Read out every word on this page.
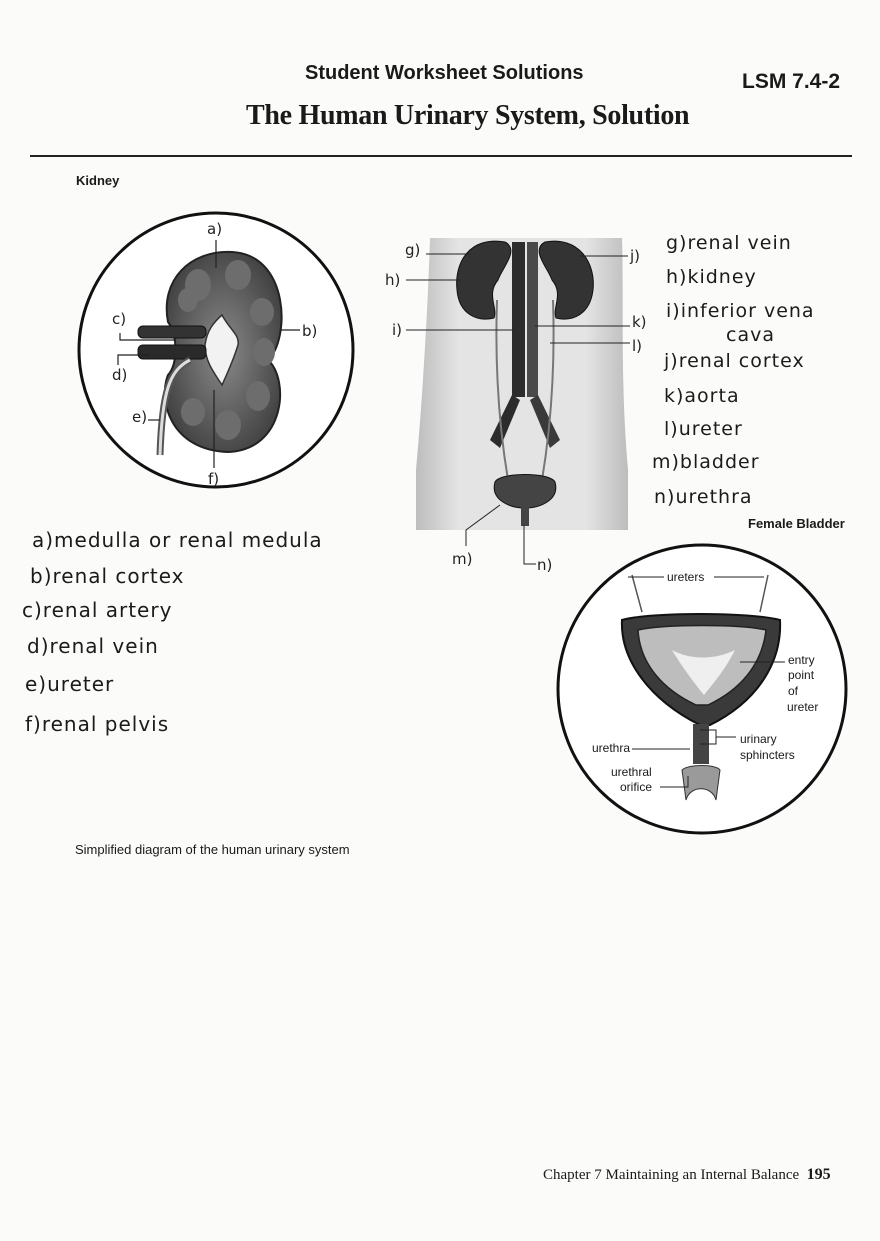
Student Worksheet Solutions	LSM 7.4-2
The Human Urinary System, Solution
Kidney
Female Bladder
a)
b)
c)
d)
e)
f)
a)medulla or renal medula
b)renal cortex
c)renal artery
d)renal vein
e)ureter
f)renal pelvis
g)
h)
i)
j)
k)
l)
m)	n)
g)renal vein
h)kidney
i)inferior vena
cava
j)renal cortex
k)aorta
l)ureter
m)bladder
n)urethra
ureters
entry
point
of
ureter
urinary
sphincters
urethra
urethral
orifice
Simplified diagram of the human urinary system
Chapter 7 Maintaining an Internal Balance 195
